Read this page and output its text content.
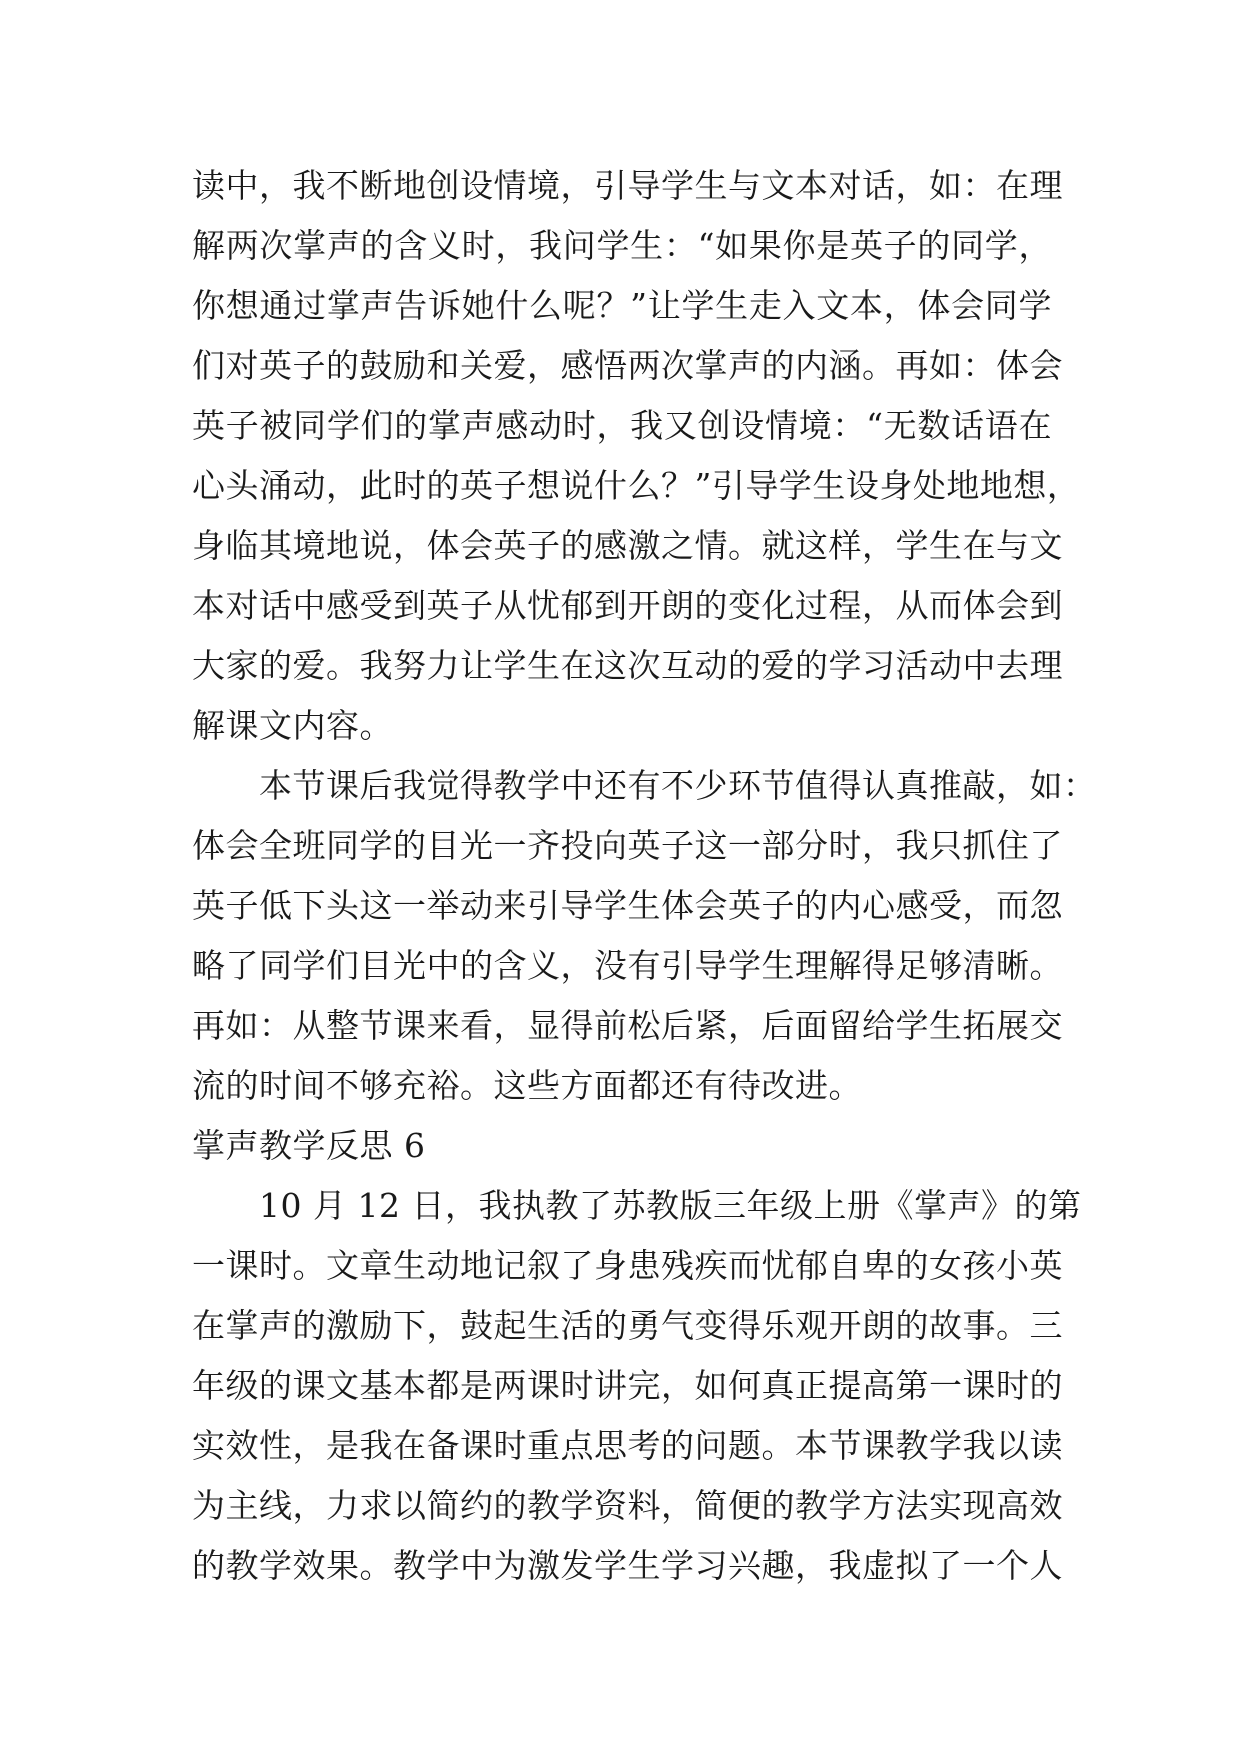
读中，我不断地创设情境，引导学生与文本对话，如：在理
解两次掌声的含义时，我问学生：“如果你是英子的同学，
你想通过掌声告诉她什么呢？”让学生走入文本，体会同学
们对英子的鼓励和关爱，感悟两次掌声的内涵。再如：体会
英子被同学们的掌声感动时，我又创设情境：“无数话语在
心头涌动，此时的英子想说什么？”引导学生设身处地地想，
身临其境地说，体会英子的感激之情。就这样，学生在与文
本对话中感受到英子从忧郁到开朗的变化过程，从而体会到
大家的爱。我努力让学生在这次互动的爱的学习活动中去理
解课文内容。
本节课后我觉得教学中还有不少环节值得认真推敲，如：
体会全班同学的目光一齐投向英子这一部分时，我只抓住了
英子低下头这一举动来引导学生体会英子的内心感受，而忽
略了同学们目光中的含义，没有引导学生理解得足够清晰。
再如：从整节课来看，显得前松后紧，后面留给学生拓展交
流的时间不够充裕。这些方面都还有待改进。
掌声教学反思 6
10 月 12 日，我执教了苏教版三年级上册《掌声》的第
一课时。文章生动地记叙了身患残疾而忧郁自卑的女孩小英
在掌声的激励下，鼓起生活的勇气变得乐观开朗的故事。三
年级的课文基本都是两课时讲完，如何真正提高第一课时的
实效性，是我在备课时重点思考的问题。本节课教学我以读
为主线，力求以简约的教学资料，简便的教学方法实现高效
的教学效果。教学中为激发学生学习兴趣，我虚拟了一个人
